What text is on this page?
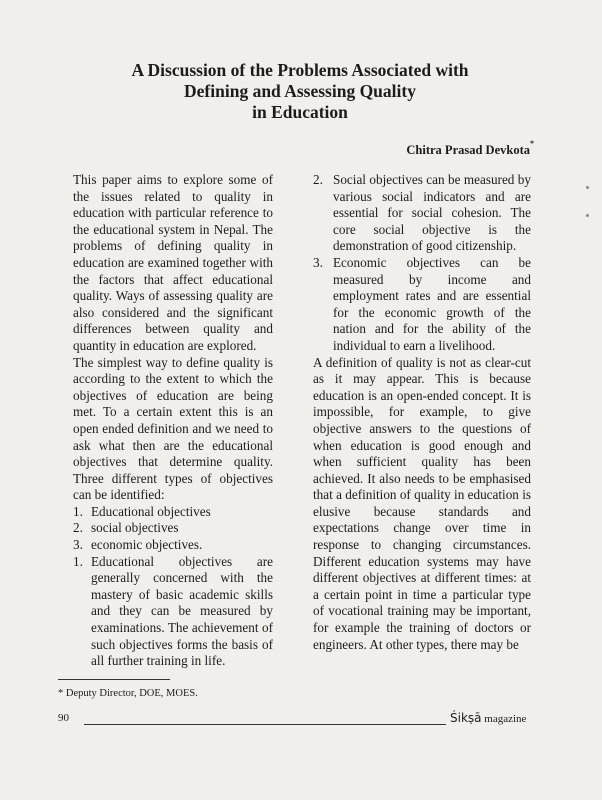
A Discussion of the Problems Associated with
Defining and Assessing Quality
in Education
Chitra Prasad Devkota*

This paper aims to explore some of the issues related to quality in education with particular reference to the educational system in Nepal. The problems of defining quality in education are examined together with the factors that affect educational quality. Ways of assessing quality are also considered and the significant differences between quality and quantity in education are explored.

The simplest way to define quality is according to the extent to which the objectives of education are being met. To a certain extent this is an open ended definition and we need to ask what then are the educational objectives that determine quality. Three different types of objectives can be identified:

1. Educational objectives
2. social objectives
3. economic objectives.
1. Educational objectives are generally concerned with the mastery of basic academic skills and they can be measured by examinations. The achievement of such objectives forms the basis of all further training in life.
2. Social objectives can be measured by various social indicators and are essential for social cohesion. The core social objective is the demonstration of good citizenship.
3. Economic objectives can be measured by income and employment rates and are essential for the economic growth of the nation and for the ability of the individual to earn a livelihood.

A definition of quality is not as clear-cut as it may appear. This is because education is an open-ended concept. It is impossible, for example, to give objective answers to the questions of when education is good enough and when sufficient quality has been achieved. It also needs to be emphasised that a definition of quality in education is elusive because standards and expectations change over time in response to changing circumstances. Different education systems may have different objectives at different times: at a certain point in time a particular type of vocational training may be important, for example the training of doctors or engineers. At other types, there may be

* Deputy Director, DOE, MOES.
90	Śikṣā magazine
